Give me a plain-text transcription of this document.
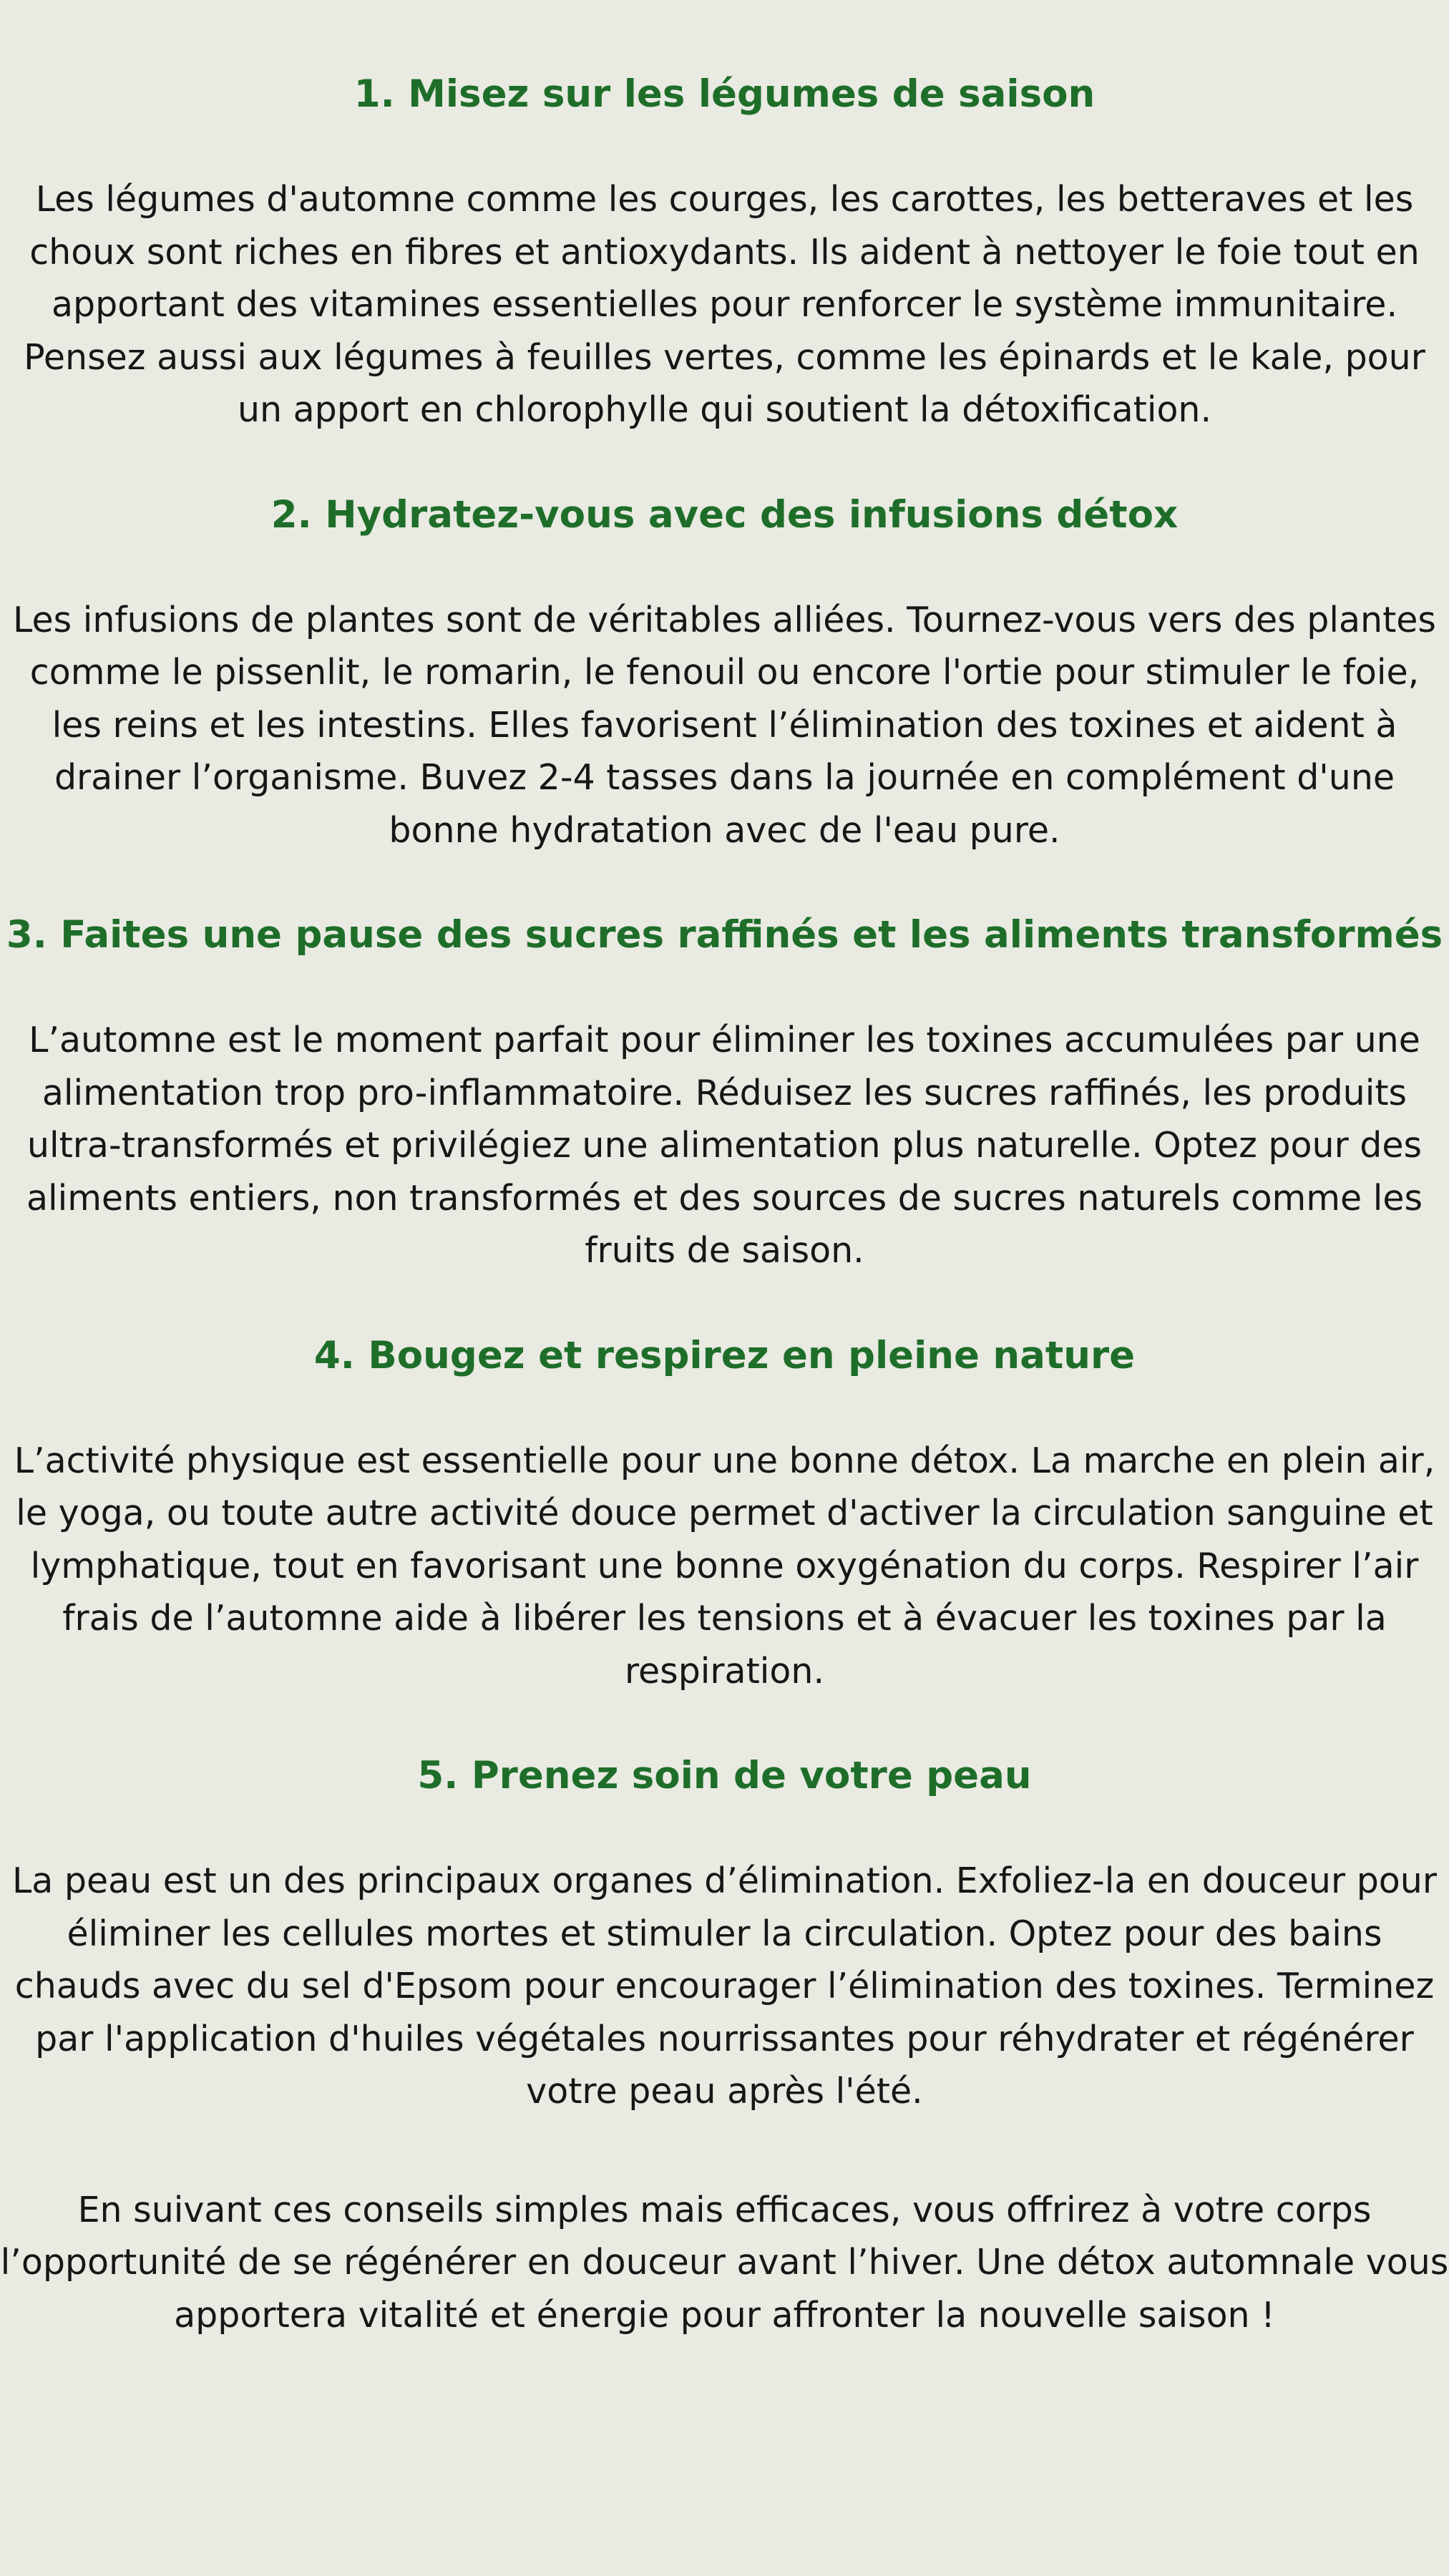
1. Misez sur les légumes de saison

Les légumes d'automne comme les courges, les carottes, les betteraves et les choux sont riches en fibres et antioxydants. Ils aident à nettoyer le foie tout en apportant des vitamines essentielles pour renforcer le système immunitaire. Pensez aussi aux légumes à feuilles vertes, comme les épinards et le kale, pour un apport en chlorophylle qui soutient la détoxification.

2. Hydratez-vous avec des infusions détox

Les infusions de plantes sont de véritables alliées. Tournez-vous vers des plantes comme le pissenlit, le romarin, le fenouil ou encore l'ortie pour stimuler le foie, les reins et les intestins. Elles favorisent l’élimination des toxines et aident à drainer l’organisme. Buvez 2-4 tasses dans la journée en complément d'une bonne hydratation avec de l'eau pure.

3. Faites une pause des sucres raffinés et les aliments transformés

L’automne est le moment parfait pour éliminer les toxines accumulées par une alimentation trop pro-inflammatoire. Réduisez les sucres raffinés, les produits ultra-transformés et privilégiez une alimentation plus naturelle. Optez pour des aliments entiers, non transformés et des sources de sucres naturels comme les fruits de saison.

4. Bougez et respirez en pleine nature

L’activité physique est essentielle pour une bonne détox. La marche en plein air, le yoga, ou toute autre activité douce permet d'activer la circulation sanguine et lymphatique, tout en favorisant une bonne oxygénation du corps. Respirer l’air frais de l’automne aide à libérer les tensions et à évacuer les toxines par la respiration.

5. Prenez soin de votre peau

La peau est un des principaux organes d’élimination. Exfoliez-la en douceur pour éliminer les cellules mortes et stimuler la circulation. Optez pour des bains chauds avec du sel d'Epsom pour encourager l’élimination des toxines. Terminez par l'application d'huiles végétales nourrissantes pour réhydrater et régénérer votre peau après l'été.

En suivant ces conseils simples mais efficaces, vous offrirez à votre corps l’opportunité de se régénérer en douceur avant l’hiver. Une détox automnale vous apportera vitalité et énergie pour affronter la nouvelle saison !
